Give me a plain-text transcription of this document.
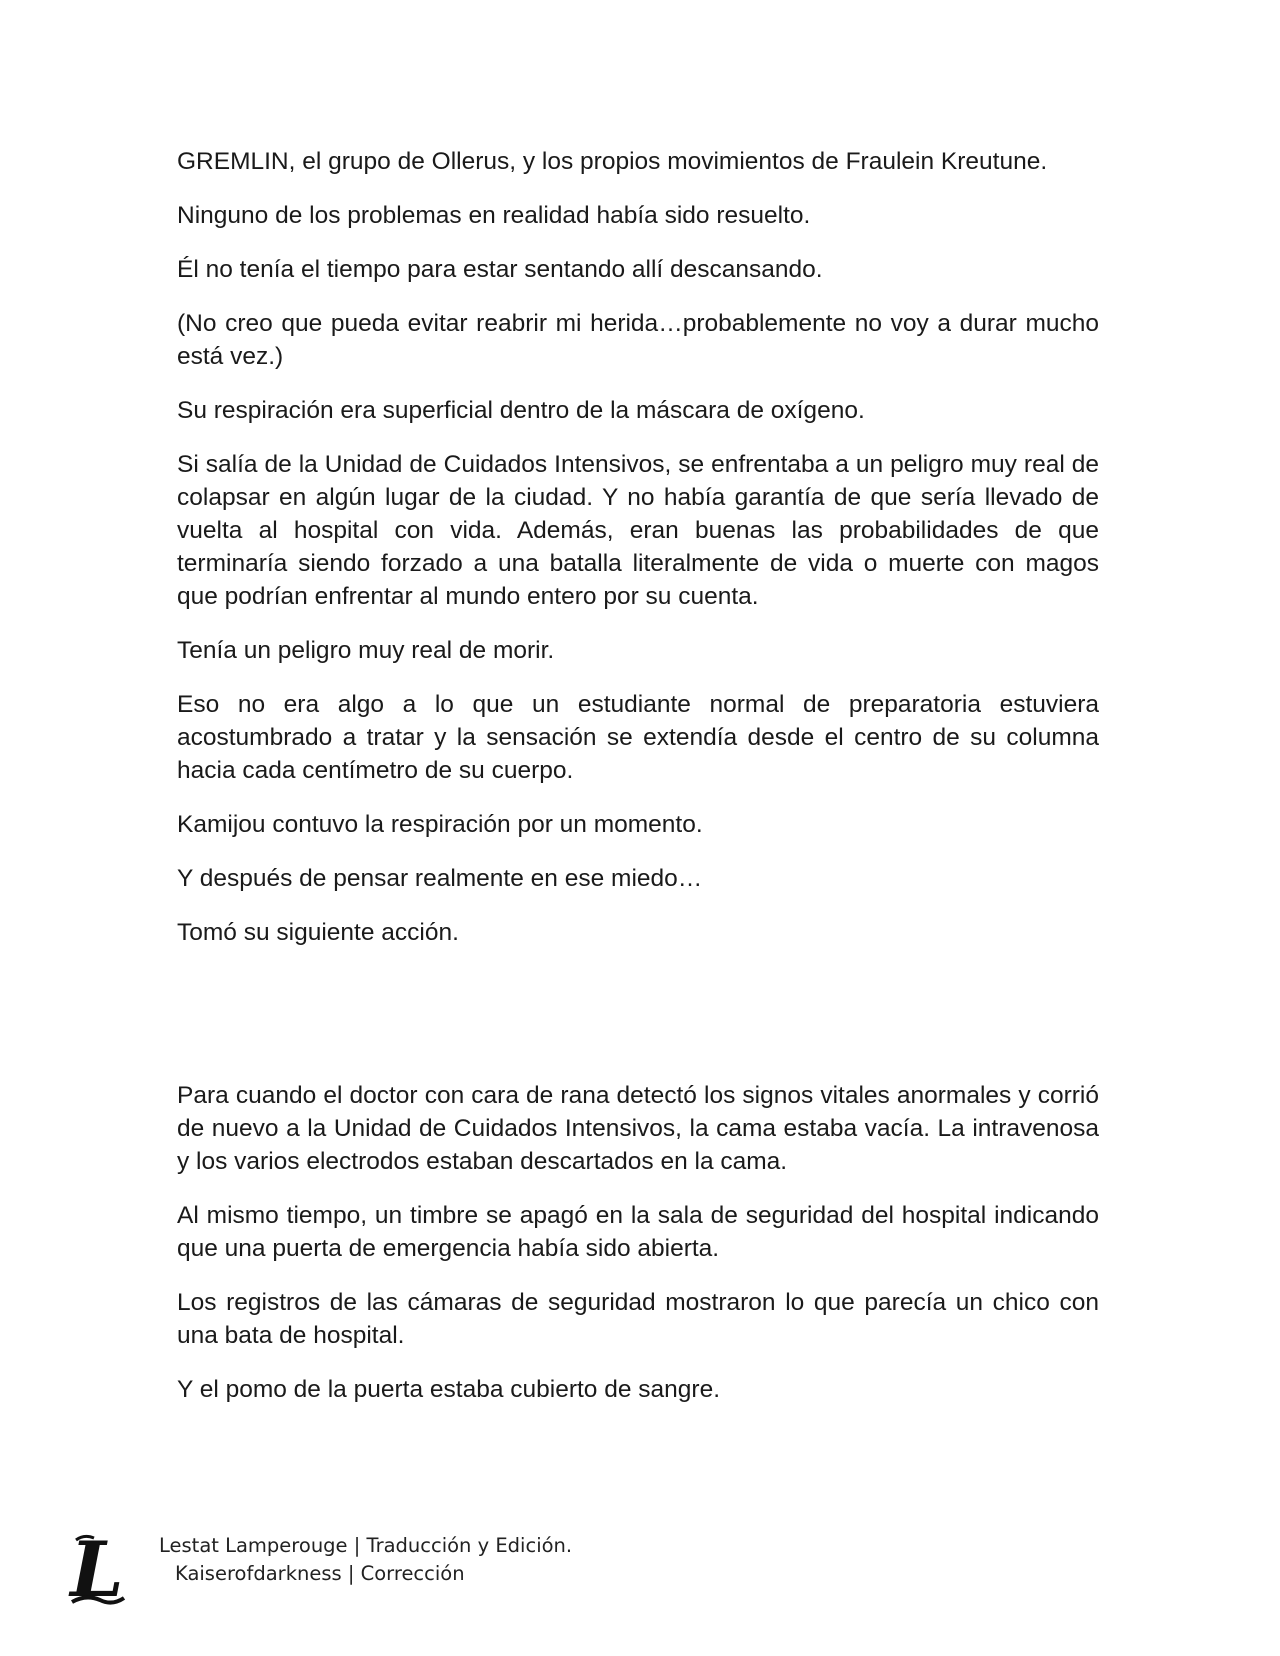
GREMLIN, el grupo de Ollerus, y los propios movimientos de Fraulein Kreutune.

Ninguno de los problemas en realidad había sido resuelto.

Él no tenía el tiempo para estar sentando allí descansando.

(No creo que pueda evitar reabrir mi herida…probablemente no voy a durar mucho está vez.)

Su respiración era superficial dentro de la máscara de oxígeno.

Si salía de la Unidad de Cuidados Intensivos, se enfrentaba a un peligro muy real de colapsar en algún lugar de la ciudad. Y no había garantía de que sería llevado de vuelta al hospital con vida. Además, eran buenas las probabilidades de que terminaría siendo forzado a una batalla literalmente de vida o muerte con magos que podrían enfrentar al mundo entero por su cuenta.

Tenía un peligro muy real de morir.

Eso no era algo a lo que un estudiante normal de preparatoria estuviera acostumbrado a tratar y la sensación se extendía desde el centro de su columna hacia cada centímetro de su cuerpo.

Kamijou contuvo la respiración por un momento.

Y después de pensar realmente en ese miedo…

Tomó su siguiente acción.

Para cuando el doctor con cara de rana detectó los signos vitales anormales y corrió de nuevo a la Unidad de Cuidados Intensivos, la cama estaba vacía. La intravenosa y los varios electrodos estaban descartados en la cama.

Al mismo tiempo, un timbre se apagó en la sala de seguridad del hospital indicando que una puerta de emergencia había sido abierta.

Los registros de las cámaras de seguridad mostraron lo que parecía un chico con una bata de hospital.

Y el pomo de la puerta estaba cubierto de sangre.

L Lestat Lamperouge | Traducción y Edición.
Kaiserofdarkness | Corrección
